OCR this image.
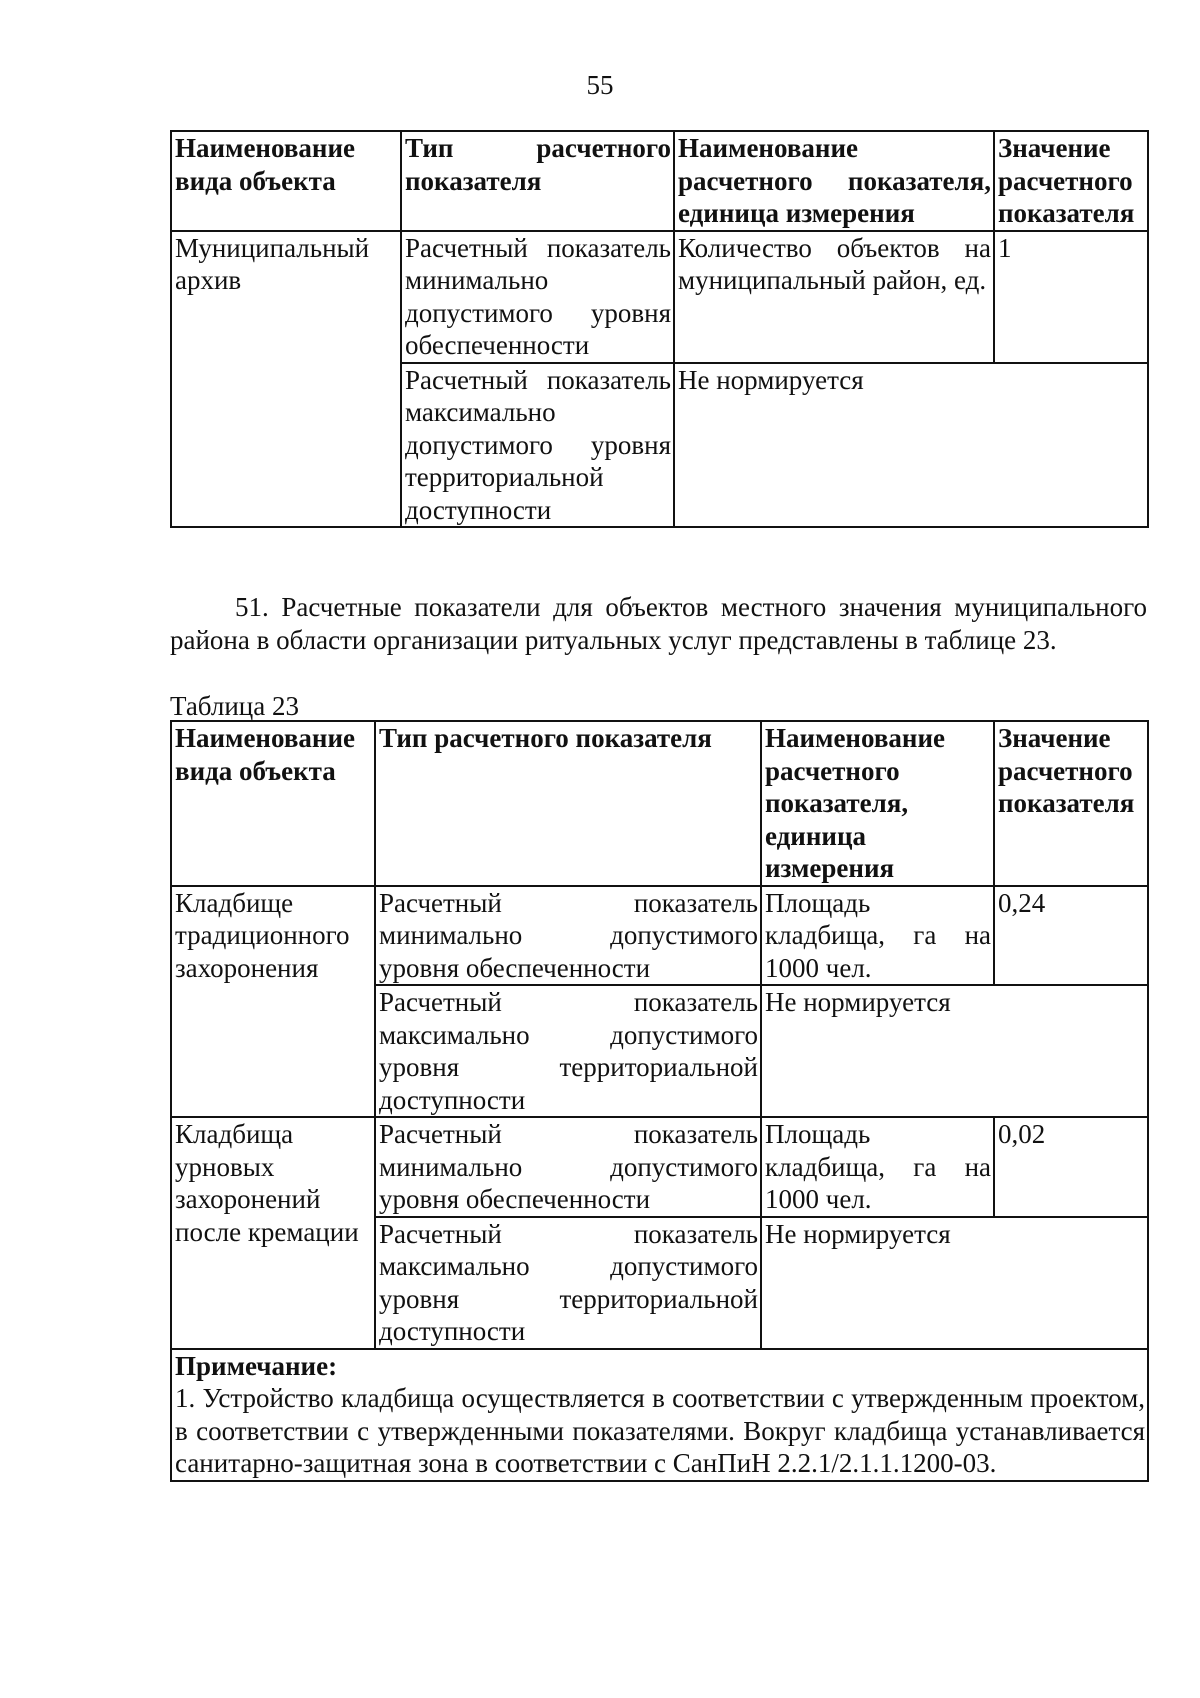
55
Наименование вида объекта	Тип расчетного показателя	Наименование расчетного показателя, единица измерения	Значение расчетного показателя
Муниципальный архив	Расчетный показатель минимально допустимого уровня обеспеченности	Количество объектов на муниципальный район, ед.	1
	Расчетный показатель максимально допустимого уровня территориальной доступности	Не нормируется	
51. Расчетные показатели для объектов местного значения муниципального района в области организации ритуальных услуг представлены в таблице 23.
Таблица 23
Наименование вида объекта	Тип расчетного показателя	Наименование расчетного показателя, единица измерения	Значение расчетного показателя
Кладбище традиционного захоронения	Расчетный показатель минимально допустимого уровня обеспеченности	Площадь кладбища, га на 1000 чел.	0,24
	Расчетный показатель максимально допустимого уровня территориальной доступности	Не нормируется	
Кладбища урновых захоронений после кремации	Расчетный показатель минимально допустимого уровня обеспеченности	Площадь кладбища, га на 1000 чел.	0,02
	Расчетный показатель максимально допустимого уровня территориальной доступности	Не нормируется	

Примечание:
1. Устройство кладбища осуществляется в соответствии с утвержденным проектом, в соответствии с утвержденными показателями. Вокруг кладбища устанавливается санитарно-защитная зона в соответствии с СанПиН 2.2.1/2.1.1.1200-03.			
